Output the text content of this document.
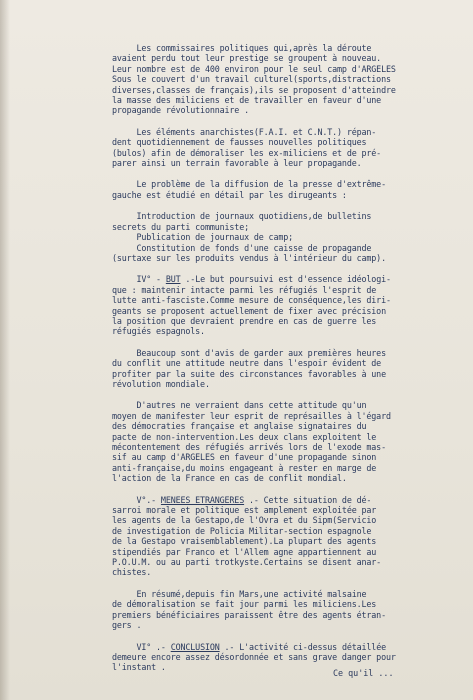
Les commissaires politiques qui,après la déroute
avaient perdu tout leur prestige se groupent à nouveau.
Leur nombre est de 400 environ pour le seul camp d'ARGELES
Sous le couvert d'un travail culturel(sports,distractions
diverses,classes de français),ils se proposent d'atteindre
la masse des miliciens et de travailler en faveur d'une
propagande révolutionnaire .

Les éléments anarchistes(F.A.I. et C.N.T.) répan-
dent quotidiennement de fausses nouvelles politiques
(bulos) afin de démoraliser les ex-miliciens et de pré-
parer ainsi un terrain favorable à leur propagande.

Le problème de la diffusion de la presse d'extrême-
gauche est étudié en détail par les dirugeants :

Introduction de journaux quotidiens,de bulletins
secrets du parti communiste;
Publication de journaux de camp;
Constitution de fonds d'une caisse de propagande
(surtaxe sur les produits vendus à l'intérieur du camp).

IV° - BUT .-Le but poursuivi est d'essence idéologi-
que : maintenir intacte parmi les réfugiés l'esprit de
lutte anti-fasciste.Comme mesure de conséquence,les diri-
geants se proposent actuellement de fixer avec précision
la position que devraient prendre en cas de guerre les
réfugiés espagnols.

Beaucoup sont d'avis de garder aux premières heures
du conflit une attitude neutre dans l'espoir évident de
profiter par la suite des circonstances favorables à une
révolution mondiale.

D'autres ne verraient dans cette attitude qu'un
moyen de manifester leur esprit de représailles à l'égard
des démocraties française et anglaise signataires du
pacte de non-intervention.Les deux clans exploitent le
mécontentement des réfugiés arrivés lors de l'exode mas-
sif au camp d'ARGELES en faveur d'une propagande sinon
anti-française,du moins engageant à rester en marge de
l'action de la France en cas de conflit mondial.

V°.- MENEES ETRANGERES .- Cette situation de dé-
sarroi morale et politique est amplement exploitée par
les agents de la Gestapo,de l'Ovra et du Sipm(Servicio
de investigation de Policia Militar-section espagnole
de la Gestapo vraisemblablement).La plupart des agents
stipendiés par Franco et l'Allem agne appartiennent au
P.O.U.M. ou au parti trotkyste.Certains se disent anar-
chistes.

En résumé,depuis fin Mars,une activité malsaine
de démoralisation se fait jour parmi les miliciens.Les
premiers bénéficiaires paraissent être des agents étran-
gers .

VI° .- CONCLUSION .- L'activité ci-dessus détaillée
demeure encore assez désordonnée et sans grave danger pour
l'instant .

Ce qu'il ...
